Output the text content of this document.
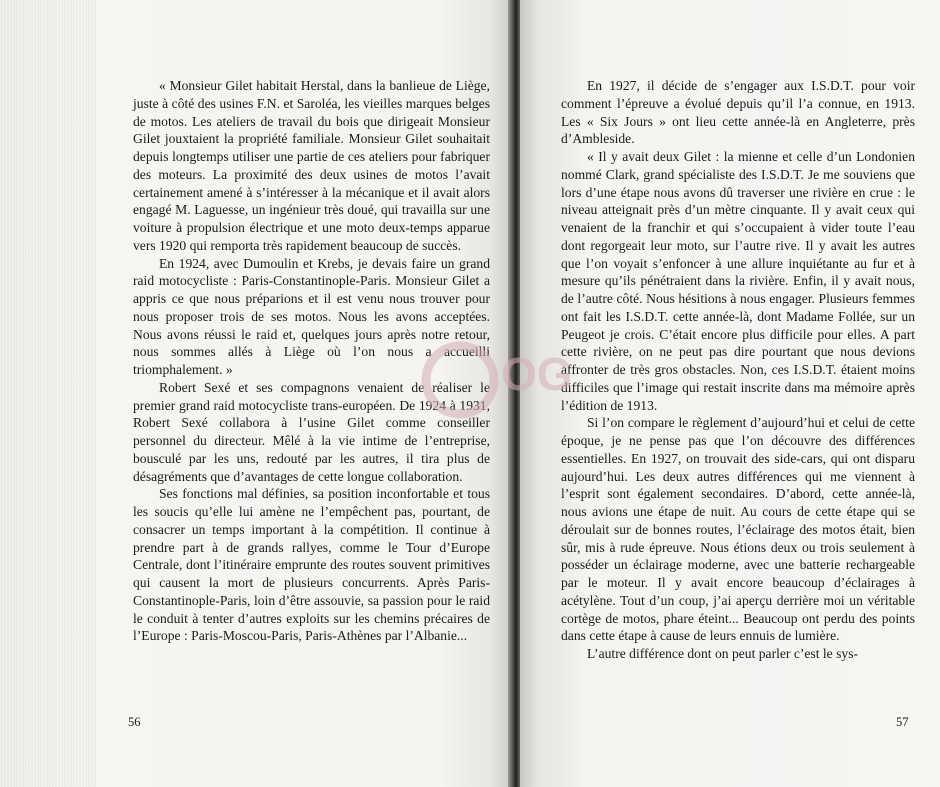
« Monsieur Gilet habitait Herstal, dans la banlieue de Liège, juste à côté des usines F.N. et Saroléa, les vieilles marques belges de motos. Les ateliers de travail du bois que dirigeait Monsieur Gilet jouxtaient la propriété familiale. Monsieur Gilet souhaitait depuis longtemps utiliser une partie de ces ateliers pour fabriquer des moteurs. La proximité des deux usines de motos l’avait certainement amené à s’intéresser à la mécanique et il avait alors engagé M. Laguesse, un ingénieur très doué, qui travailla sur une voiture à propulsion électrique et une moto deux-temps apparue vers 1920 qui remporta très rapidement beaucoup de succès.

En 1924, avec Dumoulin et Krebs, je devais faire un grand raid motocycliste : Paris-Constantinople-Paris. Monsieur Gilet a appris ce que nous préparions et il est venu nous trouver pour nous proposer trois de ses motos. Nous les avons acceptées. Nous avons réussi le raid et, quelques jours après notre retour, nous sommes allés à Liège où l’on nous a accueilli triomphalement. »

Robert Sexé et ses compagnons venaient de réaliser le premier grand raid motocycliste trans-européen. De 1924 à 1931, Robert Sexé collabora à l’usine Gilet comme conseiller personnel du directeur. Mêlé à la vie intime de l’entreprise, bousculé par les uns, redouté par les autres, il tira plus de désagréments que d’avantages de cette longue collaboration.

Ses fonctions mal définies, sa position inconfortable et tous les soucis qu’elle lui amène ne l’empêchent pas, pourtant, de consacrer un temps important à la compétition. Il continue à prendre part à de grands rallyes, comme le Tour d’Europe Centrale, dont l’itinéraire emprunte des routes souvent primitives qui causent la mort de plusieurs concurrents. Après Paris-Constantinople-Paris, loin d’être assouvie, sa passion pour le raid le conduit à tenter d’autres exploits sur les chemins précaires de l’Europe : Paris-Moscou-Paris, Paris-Athènes par l’Albanie...

56

En 1927, il décide de s’engager aux I.S.D.T. pour voir comment l’épreuve a évolué depuis qu’il l’a connue, en 1913. Les « Six Jours » ont lieu cette année-là en Angleterre, près d’Ambleside.

« Il y avait deux Gilet : la mienne et celle d’un Londonien nommé Clark, grand spécialiste des I.S.D.T. Je me souviens que lors d’une étape nous avons dû traverser une rivière en crue : le niveau atteignait près d’un mètre cinquante. Il y avait ceux qui venaient de la franchir et qui s’occupaient à vider toute l’eau dont regorgeait leur moto, sur l’autre rive. Il y avait les autres que l’on voyait s’enfoncer à une allure inquiétante au fur et à mesure qu’ils pénétraient dans la rivière. Enfin, il y avait nous, de l’autre côté. Nous hésitions à nous engager. Plusieurs femmes ont fait les I.S.D.T. cette année-là, dont Madame Follée, sur un Peugeot je crois. C’était encore plus difficile pour elles. A part cette rivière, on ne peut pas dire pourtant que nous devions affronter de très gros obstacles. Non, ces I.S.D.T. étaient moins difficiles que l’image qui restait inscrite dans ma mémoire après l’édition de 1913.

Si l’on compare le règlement d’aujourd’hui et celui de cette époque, je ne pense pas que l’on découvre des différences essentielles. En 1927, on trouvait des side-cars, qui ont disparu aujourd’hui. Les deux autres différences qui me viennent à l’esprit sont également secondaires. D’abord, cette année-là, nous avions une étape de nuit. Au cours de cette étape qui se déroulait sur de bonnes routes, l’éclairage des motos était, bien sûr, mis à rude épreuve. Nous étions deux ou trois seulement à posséder un éclairage moderne, avec une batterie rechargeable par le moteur. Il y avait encore beaucoup d’éclairages à acétylène. Tout d’un coup, j’ai aperçu derrière moi un véritable cortège de motos, phare éteint... Beaucoup ont perdu des points dans cette étape à cause de leurs ennuis de lumière.

L’autre différence dont on peut parler c’est le sys-

57
OG
